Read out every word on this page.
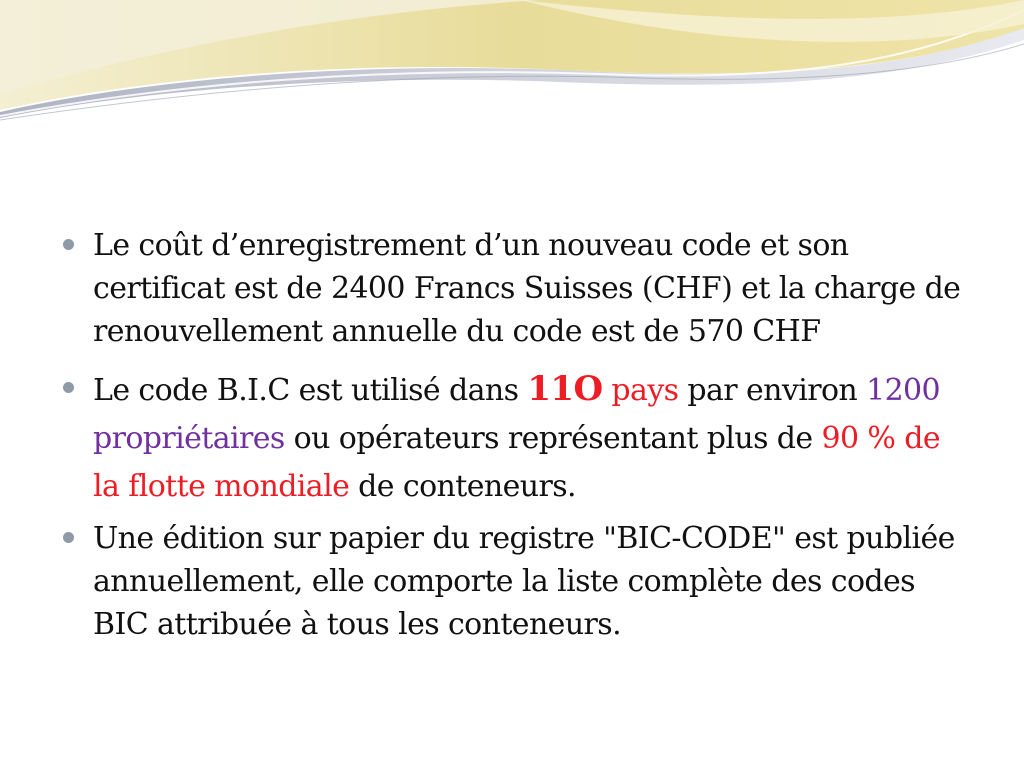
Le coût d’enregistrement d’un nouveau code et son certificat est de 2400 Francs Suisses (CHF) et la charge de renouvellement annuelle du code est de 570 CHF
Le code B.I.C est utilisé dans 11O pays par environ 1200 propriétaires ou opérateurs représentant plus de 90 % de la flotte mondiale de conteneurs.
Une édition sur papier du registre "BIC-CODE" est publiée annuellement, elle comporte la liste complète des codes BIC attribuée à tous les conteneurs.
